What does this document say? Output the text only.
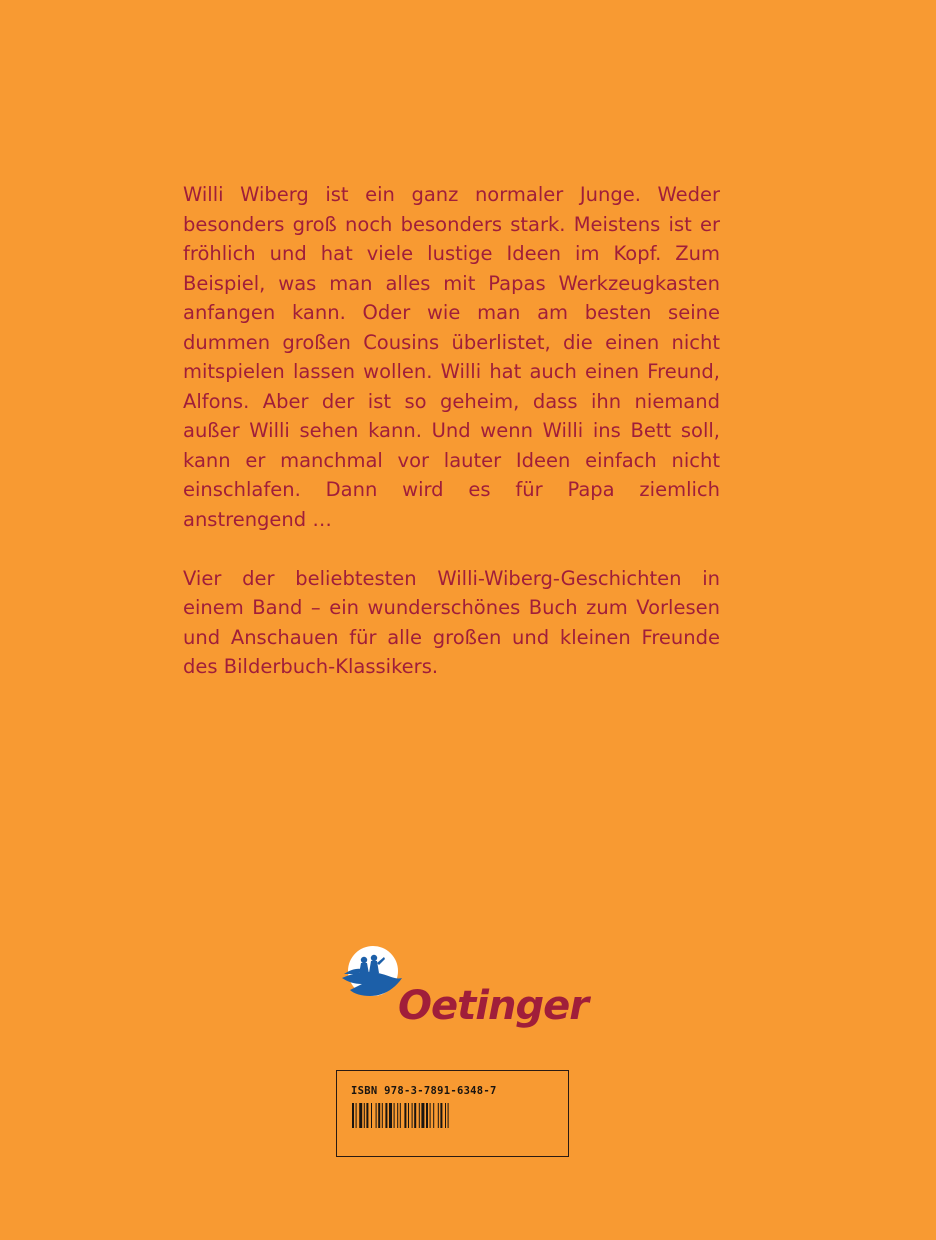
Willi Wiberg ist ein ganz normaler Junge. Weder besonders groß noch besonders stark. Meistens ist er fröhlich und hat viele lustige Ideen im Kopf. Zum Beispiel, was man alles mit Papas Werkzeugkasten anfangen kann. Oder wie man am besten seine dummen großen Cousins überlistet, die einen nicht mitspielen lassen wollen. Willi hat auch einen Freund, Alfons. Aber der ist so geheim, dass ihn niemand außer Willi sehen kann. Und wenn Willi ins Bett soll, kann er manchmal vor lauter Ideen einfach nicht einschlafen. Dann wird es für Papa ziemlich anstrengend …

Vier der beliebtesten Willi-Wiberg-Geschichten in einem Band – ein wunderschönes Buch zum Vorlesen und Anschauen für alle großen und kleinen Freunde des Bilderbuch-Klassikers.

Oetinger
ISBN 978-3-7891-6348-7
